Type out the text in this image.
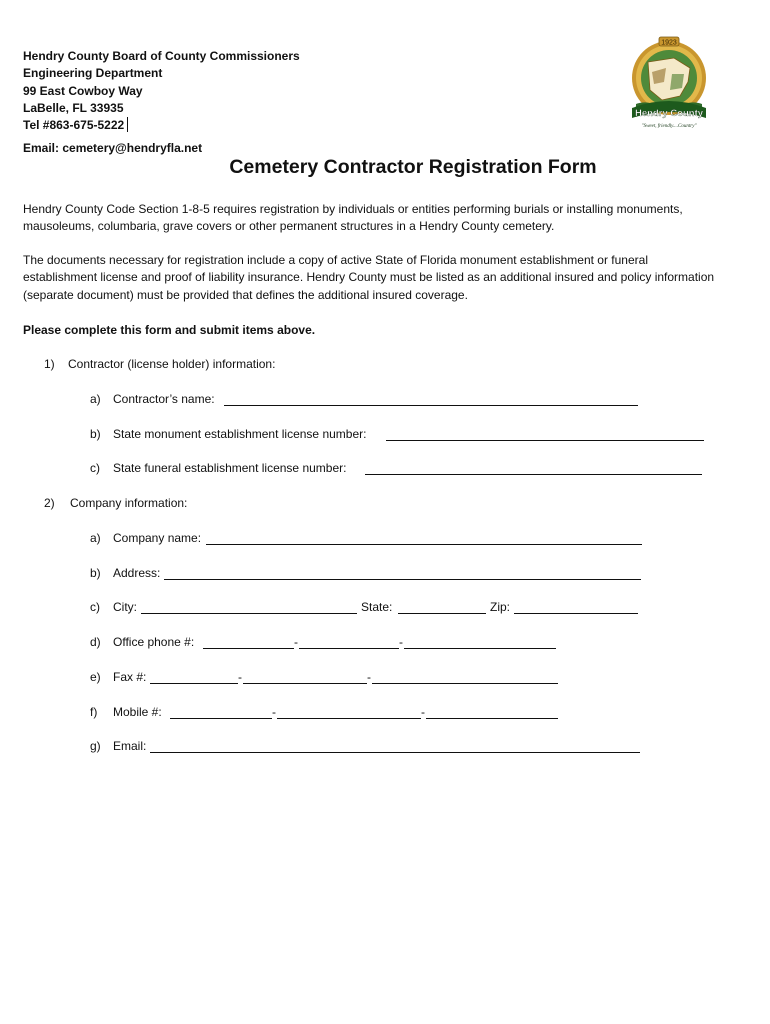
Hendry County Board of County Commissioners
Engineering Department
99 East Cowboy Way
LaBelle, FL 33935
Tel #863-675-5222
Email: cemetery@hendryfla.net
1923
Hendry County
"Sweet, friendly....Country"
Cemetery Contractor Registration Form
Hendry County Code Section 1-8-5 requires registration by individuals or entities performing burials or installing monuments, mausoleums, columbaria, grave covers or other permanent structures in a Hendry County cemetery.
The documents necessary for registration include a copy of active State of Florida monument establishment or funeral establishment license and proof of liability insurance. Hendry County must be listed as an additional insured and policy information (separate document) must be provided that defines the additional insured coverage.
Please complete this form and submit items above.
1) Contractor (license holder) information:
a) Contractor’s name:
b) State monument establishment license number:
c) State funeral establishment license number:
2) Company information:
a) Company name:
b) Address:
c) City:	State:	Zip:
d) Office phone #:	-	-
e) Fax #:	-	-
f) Mobile #:	-	-
g) Email:
